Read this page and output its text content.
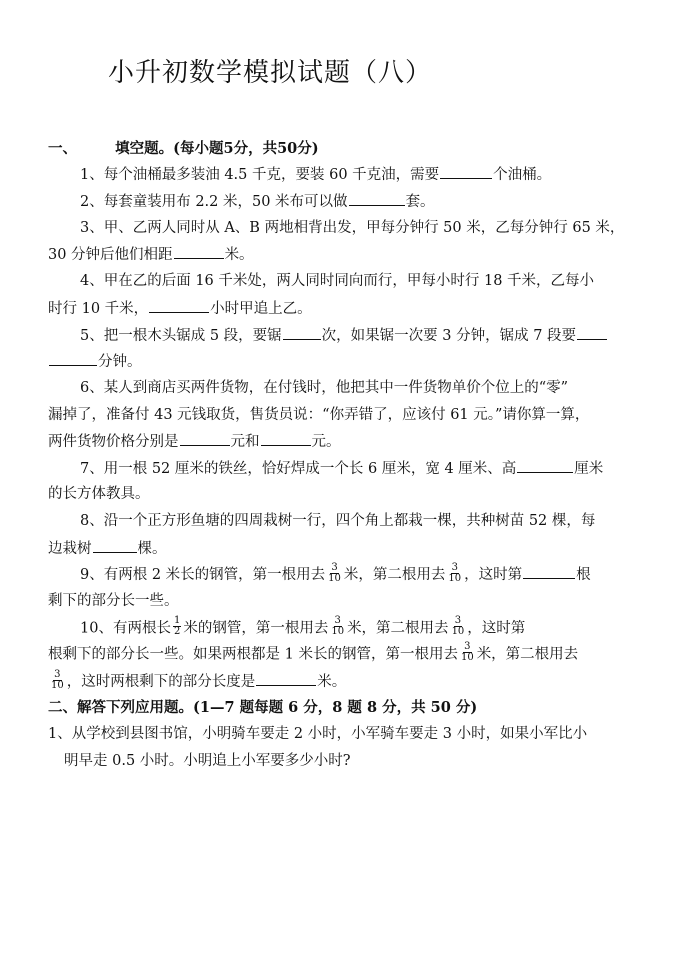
小升初数学模拟试题（八）
一、	填空题。(每小题5分，共50分)
1、每个油桶最多装油 4.5 千克，要装 60 千克油，需要	个油桶。
2、每套童装用布 2.2 米，50 米布可以做	套。
3、甲、乙两人同时从 A、B 两地相背出发，甲每分钟行 50 米，乙每分钟行 65 米，
30 分钟后他们相距	米。
4、甲在乙的后面 16 千米处，两人同时同向而行，甲每小时行 18 千米，乙每小
时行 10 千米，	小时甲追上乙。
5、把一根木头锯成 5 段，要锯	次，如果锯一次要 3 分钟，锯成 7 段要
分钟。
6、某人到商店买两件货物，在付钱时，他把其中一件货物单价个位上的“零”
漏掉了，准备付 43 元钱取货，售货员说：“你弄错了，应该付 61 元。”请你算一算，
两件货物价格分别是	元和	元。
7、用一根 52 厘米的铁丝，恰好焊成一个长 6 厘米，宽 4 厘米、高	厘米
的长方体教具。
8、沿一个正方形鱼塘的四周栽树一行，四个角上都栽一棵，共种树苗 52 棵，每
边栽树	棵。
9、有两根 2 米长的钢管，第一根用去 $\frac{3}{10}$ 米，第二根用去 $\frac{3}{10}$ ，这时第	根
剩下的部分长一些。
10、有两根长 $\frac{1}{2}$ 米的钢管，第一根用去 $\frac{3}{10}$ 米，第二根用去 $\frac{3}{10}$ ，这时第
根剩下的部分长一些。如果两根都是 1 米长的钢管，第一根用去 $\frac{3}{10}$ 米，第二根用去
$\frac{3}{10}$ ，这时两根剩下的部分长度是	米。
二、解答下列应用题。(1—7 题每题 6 分，8 题 8 分，共 50 分)
1、从学校到县图书馆，小明骑车要走 2 小时，小军骑车要走 3 小时，如果小军比小
明早走 0.5 小时。小明追上小军要多少小时?
